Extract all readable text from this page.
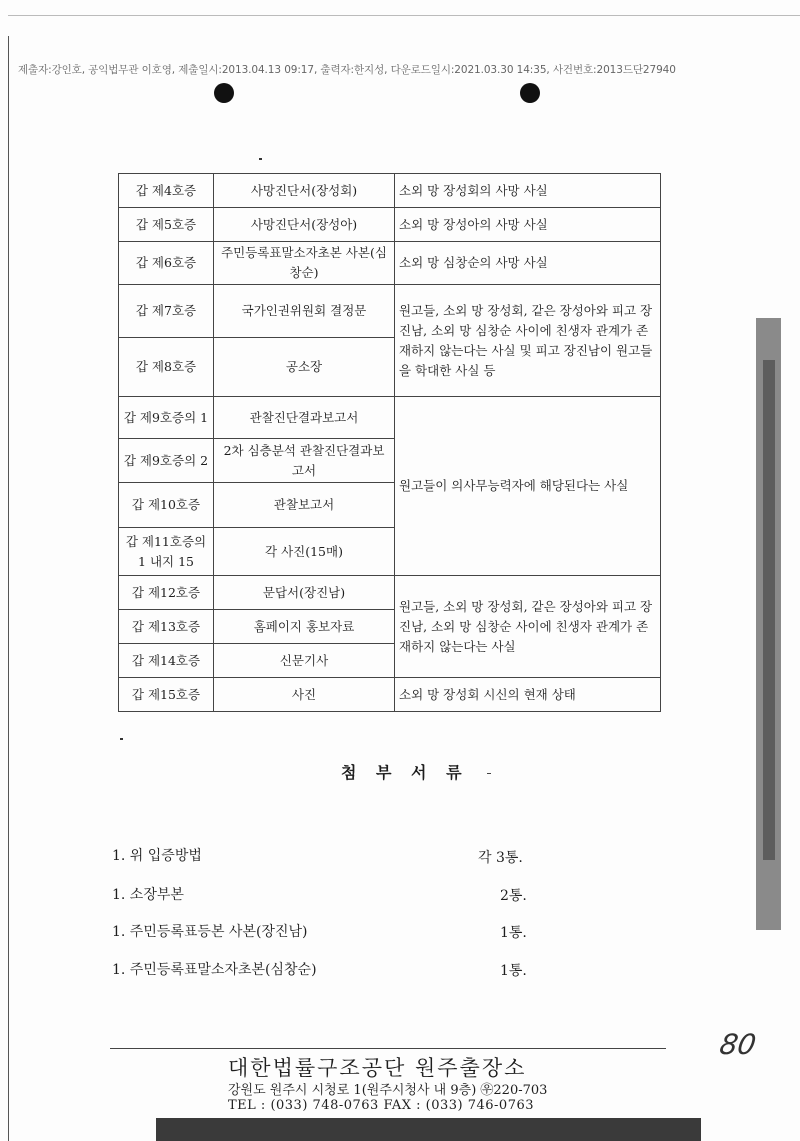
제출자:강인호, 공익법무관 이호영, 제출일시:2013.04.13 09:17, 출력자:한지성, 다운로드일시:2021.03.30 14:35, 사건번호:2013드단27940
갑 제4호증	사망진단서(장성회)	소외 망 장성회의 사망 사실
갑 제5호증	사망진단서(장성아)	소외 망 장성아의 사망 사실
갑 제6호증	주민등록표말소자초본 사본(심창순)	소외 망 심창순의 사망 사실
갑 제7호증	국가인권위원회 결정문	원고들, 소외 망 장성회, 같은 장성아와 피고 장진남, 소외 망 심창순 사이에 친생자 관계가 존재하지 않는다는 사실 및 피고 장진남이 원고들을 학대한 사실 등
갑 제8호증	공소장	
갑 제9호증의 1	관찰진단결과보고서	원고들이 의사무능력자에 해당된다는 사실
갑 제9호증의 2	2차 심층분석 관찰진단결과보고서	
갑 제10호증	관찰보고서	
갑 제11호증의 1 내지 15	각 사진(15매)	
갑 제12호증	문답서(장진남)	원고들, 소외 망 장성회, 같은 장성아와 피고 장진남, 소외 망 심창순 사이에 친생자 관계가 존재하지 않는다는 사실
갑 제13호증	홈페이지 홍보자료	
갑 제14호증	신문기사	
갑 제15호증	사진	소외 망 장성회 시신의 현재 상태
첨 부 서 류
1. 위 입증방법	각 3통.
1. 소장부본	2통.
1. 주민등록표등본 사본(장진남)	1통.
1. 주민등록표말소자초본(심창순)	1통.
80
대한법률구조공단 원주출장소
강원도 원주시 시청로 1(원주시청사 내 9층) ㉾220-703
TEL : (033) 748-0763 FAX : (033) 746-0763
